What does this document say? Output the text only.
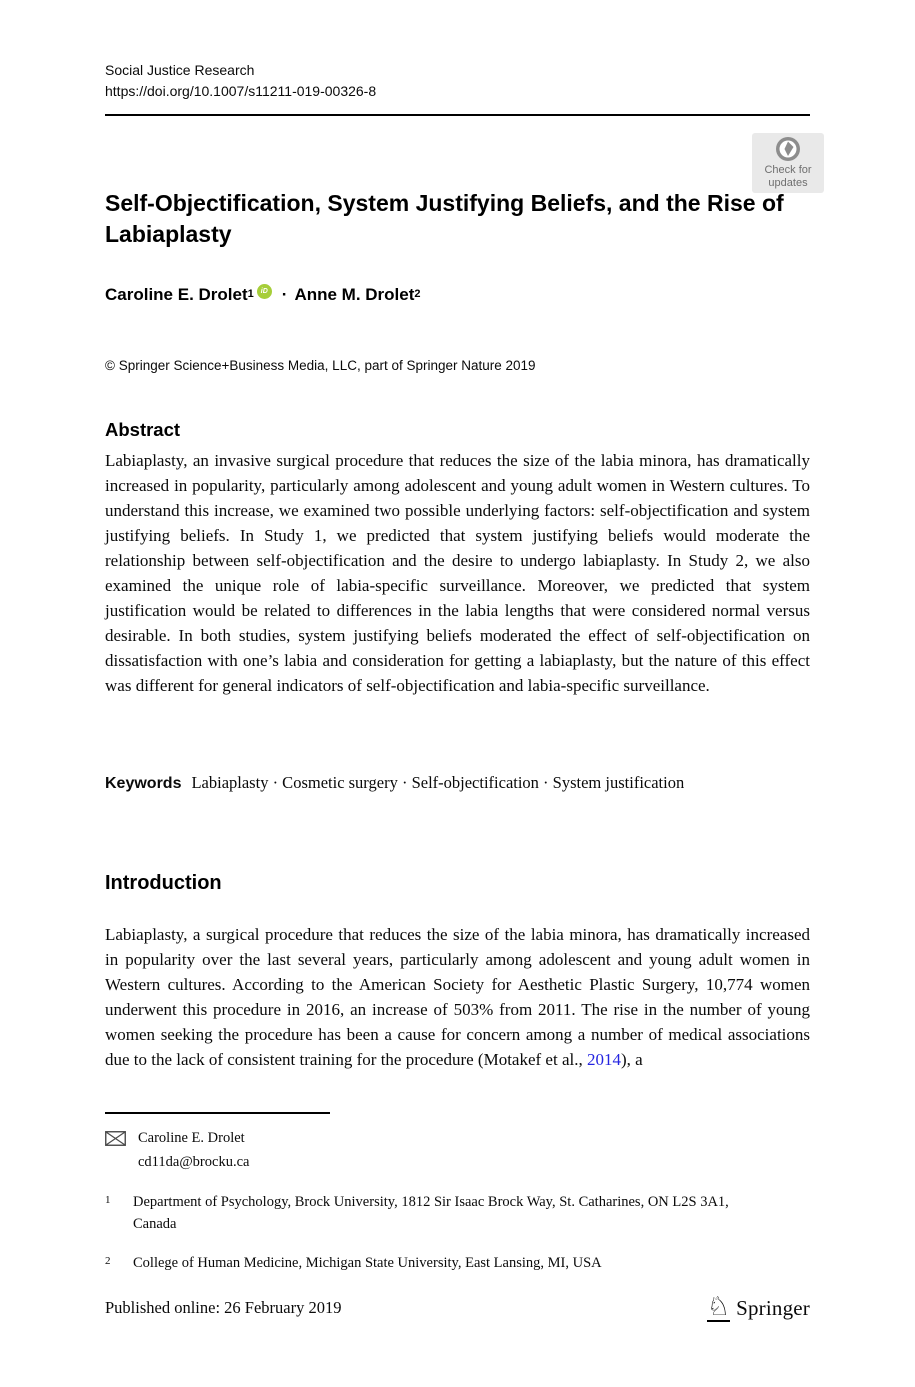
Social Justice Research
https://doi.org/10.1007/s11211-019-00326-8
Check for
updates
Self-Objectification, System Justifying Beliefs, and the Rise of Labiaplasty
Caroline E. Drolet$^1$	iD · Anne M. Drolet$^2$
© Springer Science+Business Media, LLC, part of Springer Nature 2019
Abstract

Labiaplasty, an invasive surgical procedure that reduces the size of the labia minora, has dramatically increased in popularity, particularly among adolescent and young adult women in Western cultures. To understand this increase, we examined two possible underlying factors: self-objectification and system justifying beliefs. In Study 1, we predicted that system justifying beliefs would moderate the relationship between self-objectification and the desire to undergo labiaplasty. In Study 2, we also examined the unique role of labia-specific surveillance. Moreover, we predicted that system justification would be related to differences in the labia lengths that were considered normal versus desirable. In both studies, system justifying beliefs moderated the effect of self-objectification on dissatisfaction with one’s labia and consideration for getting a labiaplasty, but the nature of this effect was different for general indicators of self-objectification and labia-specific surveillance.

Keywords Labiaplasty · Cosmetic surgery · Self-objectification · System justification
Introduction

Labiaplasty, a surgical procedure that reduces the size of the labia minora, has dramatically increased in popularity over the last several years, particularly among adolescent and young adult women in Western cultures. According to the American Society for Aesthetic Plastic Surgery, 10,774 women underwent this procedure in 2016, an increase of 503% from 2011. The rise in the number of young women seeking the procedure has been a cause for concern among a number of medical associations due to the lack of consistent training for the procedure (Motakef et al., 2014), a

Caroline E. Drolet
cd11da@brocku.ca
1	Department of Psychology, Brock University, 1812 Sir Isaac Brock Way, St. Catharines, ON L2S 3A1, Canada
2	College of Human Medicine, Michigan State University, East Lansing, MI, USA
Published online: 26 February 2019	♘ Springer
